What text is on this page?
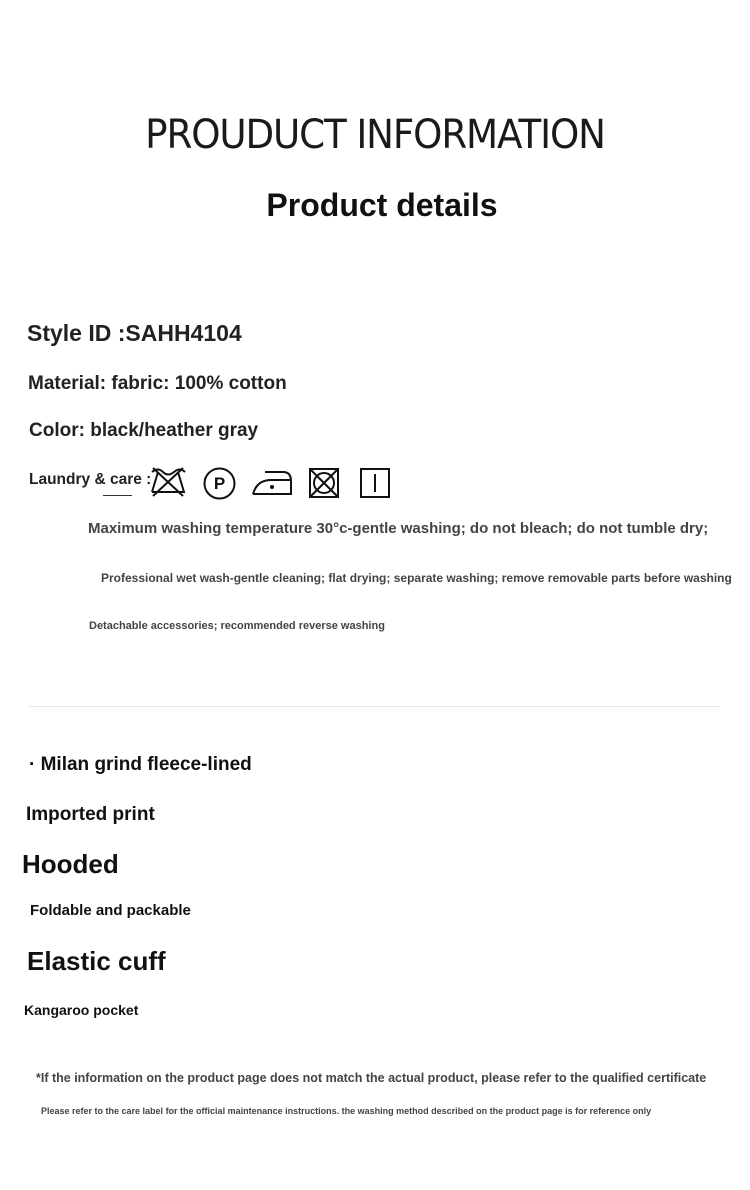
PROUDUCT INFORMATION
Product details
Style ID :SAHH4104
Material: fabric: 100% cotton
Color: black/heather gray
Laundry & care :	P
Maximum washing temperature 30°c-gentle washing; do not bleach; do not tumble dry;
Professional wet wash-gentle cleaning; flat drying; separate washing; remove removable parts before washing
Detachable accessories; recommended reverse washing
· Milan grind fleece-lined
Imported print
Hooded
Foldable and packable
Elastic cuff
Kangaroo pocket
*If the information on the product page does not match the actual product, please refer to the qualified certificate
Please refer to the care label for the official maintenance instructions. the washing method described on the product page is for reference only
